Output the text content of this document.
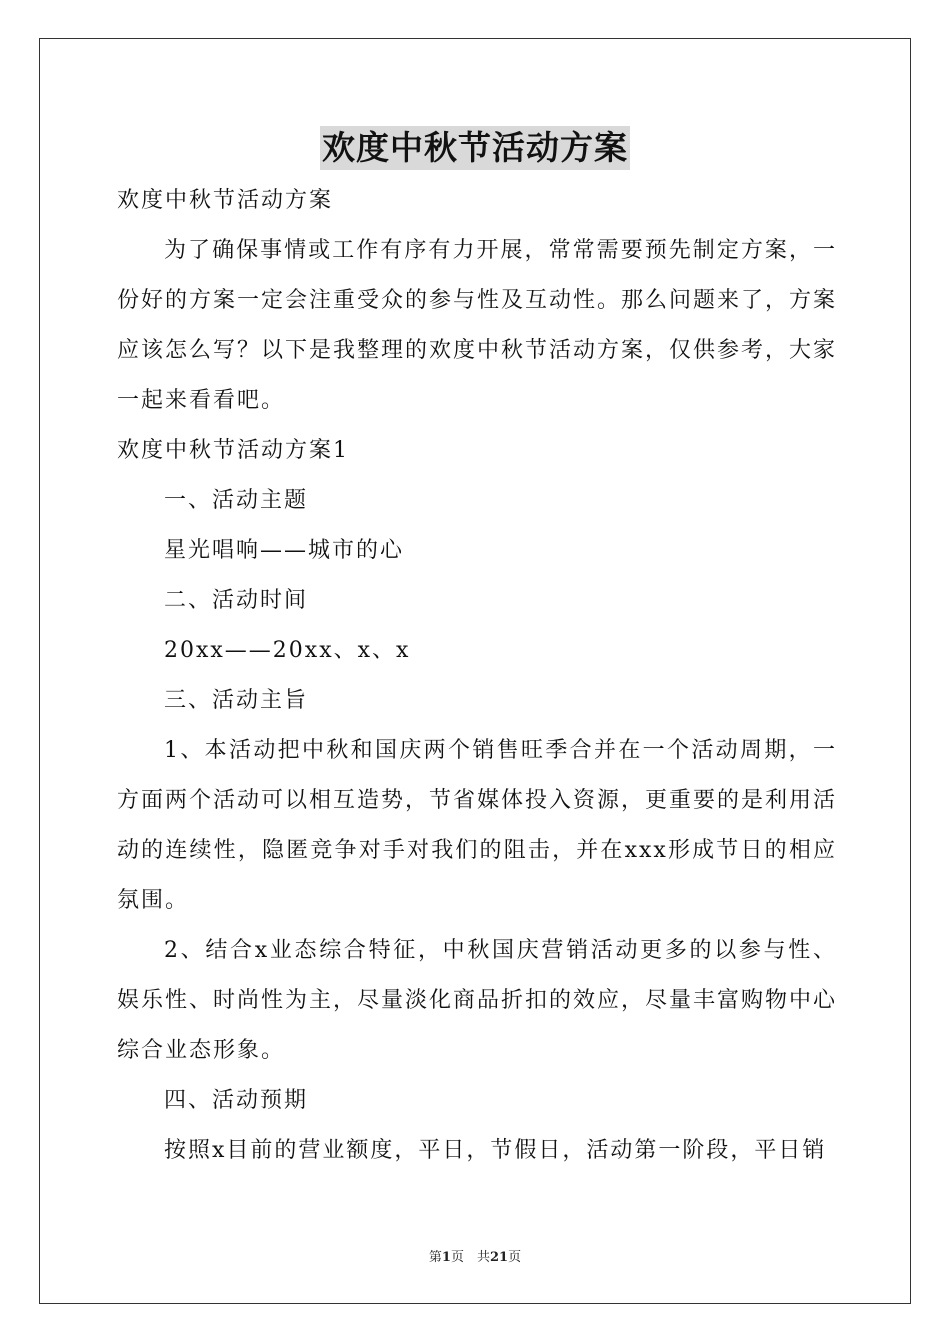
欢度中秋节活动方案

欢度中秋节活动方案

为了确保事情或工作有序有力开展，常常需要预先制定方案，一份好的方案一定会注重受众的参与性及互动性。那么问题来了，方案应该怎么写？以下是我整理的欢度中秋节活动方案，仅供参考，大家一起来看看吧。

欢度中秋节活动方案1

一、活动主题

星光唱响——城市的心

二、活动时间

20xx——20xx、x、x

三、活动主旨

1、本活动把中秋和国庆两个销售旺季合并在一个活动周期，一方面两个活动可以相互造势，节省媒体投入资源，更重要的是利用活动的连续性，隐匿竞争对手对我们的阻击，并在xxx形成节日的相应氛围。

2、结合x业态综合特征，中秋国庆营销活动更多的以参与性、娱乐性、时尚性为主，尽量淡化商品折扣的效应，尽量丰富购物中心综合业态形象。

四、活动预期

按照x目前的营业额度，平日，节假日，活动第一阶段，平日销

第1页　共21页
